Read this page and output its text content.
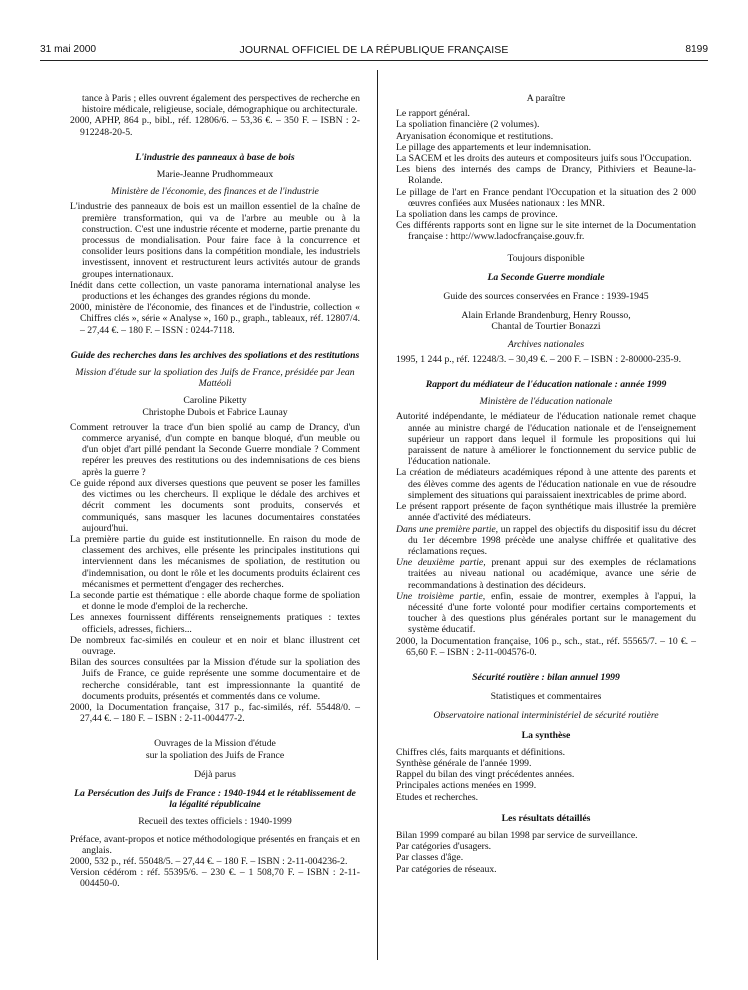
31 mai 2000	JOURNAL OFFICIEL DE LA RÉPUBLIQUE FRANÇAISE	8199

tance à Paris ; elles ouvrent également des perspectives de recherche en histoire médicale, religieuse, sociale, démographique ou architecturale.

2000, APHP, 864 p., bibl., réf. 12806/6. – 53,36 €. – 350 F. – ISBN : 2-912248-20-5.

L'industrie des panneaux à base de bois

Marie-Jeanne Prudhommeaux

Ministère de l'économie, des finances et de l'industrie

L'industrie des panneaux de bois est un maillon essentiel de la chaîne de première transformation, qui va de l'arbre au meuble ou à la construction. C'est une industrie récente et moderne, partie prenante du processus de mondialisation. Pour faire face à la concurrence et consolider leurs positions dans la compétition mondiale, les industriels investissent, innovent et restructurent leurs activités autour de grands groupes internationaux.

Inédit dans cette collection, un vaste panorama international analyse les productions et les échanges des grandes régions du monde.

2000, ministère de l'économie, des finances et de l'industrie, collection « Chiffres clés », série « Analyse », 160 p., graph., tableaux, réf. 12807/4. – 27,44 €. – 180 F. – ISSN : 0244-7118.

Guide des recherches dans les archives des spoliations et des restitutions

Mission d'étude sur la spoliation des Juifs de France, présidée par Jean Mattéoli

Caroline Piketty

Christophe Dubois et Fabrice Launay

Comment retrouver la trace d'un bien spolié au camp de Drancy, d'un commerce aryanisé, d'un compte en banque bloqué, d'un meuble ou d'un objet d'art pillé pendant la Seconde Guerre mondiale ? Comment repérer les preuves des restitutions ou des indemnisations de ces biens après la guerre ?

Ce guide répond aux diverses questions que peuvent se poser les familles des victimes ou les chercheurs. Il explique le dédale des archives et décrit comment les documents sont produits, conservés et communiqués, sans masquer les lacunes documentaires constatées aujourd'hui.

La première partie du guide est institutionnelle. En raison du mode de classement des archives, elle présente les principales institutions qui interviennent dans les mécanismes de spoliation, de restitution ou d'indemnisation, ou dont le rôle et les documents produits éclairent ces mécanismes et permettent d'engager des recherches.

La seconde partie est thématique : elle aborde chaque forme de spoliation et donne le mode d'emploi de la recherche.

Les annexes fournissent différents renseignements pratiques : textes officiels, adresses, fichiers...

De nombreux fac-similés en couleur et en noir et blanc illustrent cet ouvrage.

Bilan des sources consultées par la Mission d'étude sur la spoliation des Juifs de France, ce guide représente une somme documentaire et de recherche considérable, tant est impressionnante la quantité de documents produits, présentés et commentés dans ce volume.

2000, la Documentation française, 317 p., fac-similés, réf. 55448/0. – 27,44 €. – 180 F. – ISBN : 2-11-004477-2.

Ouvrages de la Mission d'étude

sur la spoliation des Juifs de France

Déjà parus

La Persécution des Juifs de France : 1940-1944 et le rétablissement de la légalité républicaine

Recueil des textes officiels : 1940-1999

Préface, avant-propos et notice méthodologique présentés en français et en anglais.

2000, 532 p., réf. 55048/5. – 27,44 €. – 180 F. – ISBN : 2-11-004236-2.

Version cédérom : réf. 55395/6. – 230 €. – 1 508,70 F. – ISBN : 2-11-004450-0.

A paraître

Le rapport général.

La spoliation financière (2 volumes).

Aryanisation économique et restitutions.

Le pillage des appartements et leur indemnisation.

La SACEM et les droits des auteurs et compositeurs juifs sous l'Occupation.

Les biens des internés des camps de Drancy, Pithiviers et Beaune-la-Rolande.

Le pillage de l'art en France pendant l'Occupation et la situation des 2 000 œuvres confiées aux Musées nationaux : les MNR.

La spoliation dans les camps de province.

Ces différents rapports sont en ligne sur le site internet de la Documentation française : http://www.ladocfrançaise.gouv.fr.

Toujours disponible

La Seconde Guerre mondiale

Guide des sources conservées en France : 1939-1945

Alain Erlande Brandenburg, Henry Rousso,

Chantal de Tourtier Bonazzi

Archives nationales

1995, 1 244 p., réf. 12248/3. – 30,49 €. – 200 F. – ISBN : 2-80000-235-9.

Rapport du médiateur de l'éducation nationale : année 1999

Ministère de l'éducation nationale

Autorité indépendante, le médiateur de l'éducation nationale remet chaque année au ministre chargé de l'éducation nationale et de l'enseignement supérieur un rapport dans lequel il formule les propositions qui lui paraissent de nature à améliorer le fonctionnement du service public de l'éducation nationale.

La création de médiateurs académiques répond à une attente des parents et des élèves comme des agents de l'éducation nationale en vue de résoudre simplement des situations qui paraissaient inextricables de prime abord.

Le présent rapport présente de façon synthétique mais illustrée la première année d'activité des médiateurs.

Dans une première partie, un rappel des objectifs du dispositif issu du décret du 1er décembre 1998 précède une analyse chiffrée et qualitative des réclamations reçues.

Une deuxième partie, prenant appui sur des exemples de réclamations traitées au niveau national ou académique, avance une série de recommandations à destination des décideurs.

Une troisième partie, enfin, essaie de montrer, exemples à l'appui, la nécessité d'une forte volonté pour modifier certains comportements et toucher à des questions plus générales portant sur le management du système éducatif.

2000, la Documentation française, 106 p., sch., stat., réf. 55565/7. – 10 €. – 65,60 F. – ISBN : 2-11-004576-0.

Sécurité routière : bilan annuel 1999

Statistiques et commentaires

Observatoire national interministériel de sécurité routière

La synthèse

Chiffres clés, faits marquants et définitions.

Synthèse générale de l'année 1999.

Rappel du bilan des vingt précédentes années.

Principales actions menées en 1999.

Etudes et recherches.

Les résultats détaillés

Bilan 1999 comparé au bilan 1998 par service de surveillance.

Par catégories d'usagers.

Par classes d'âge.

Par catégories de réseaux.
